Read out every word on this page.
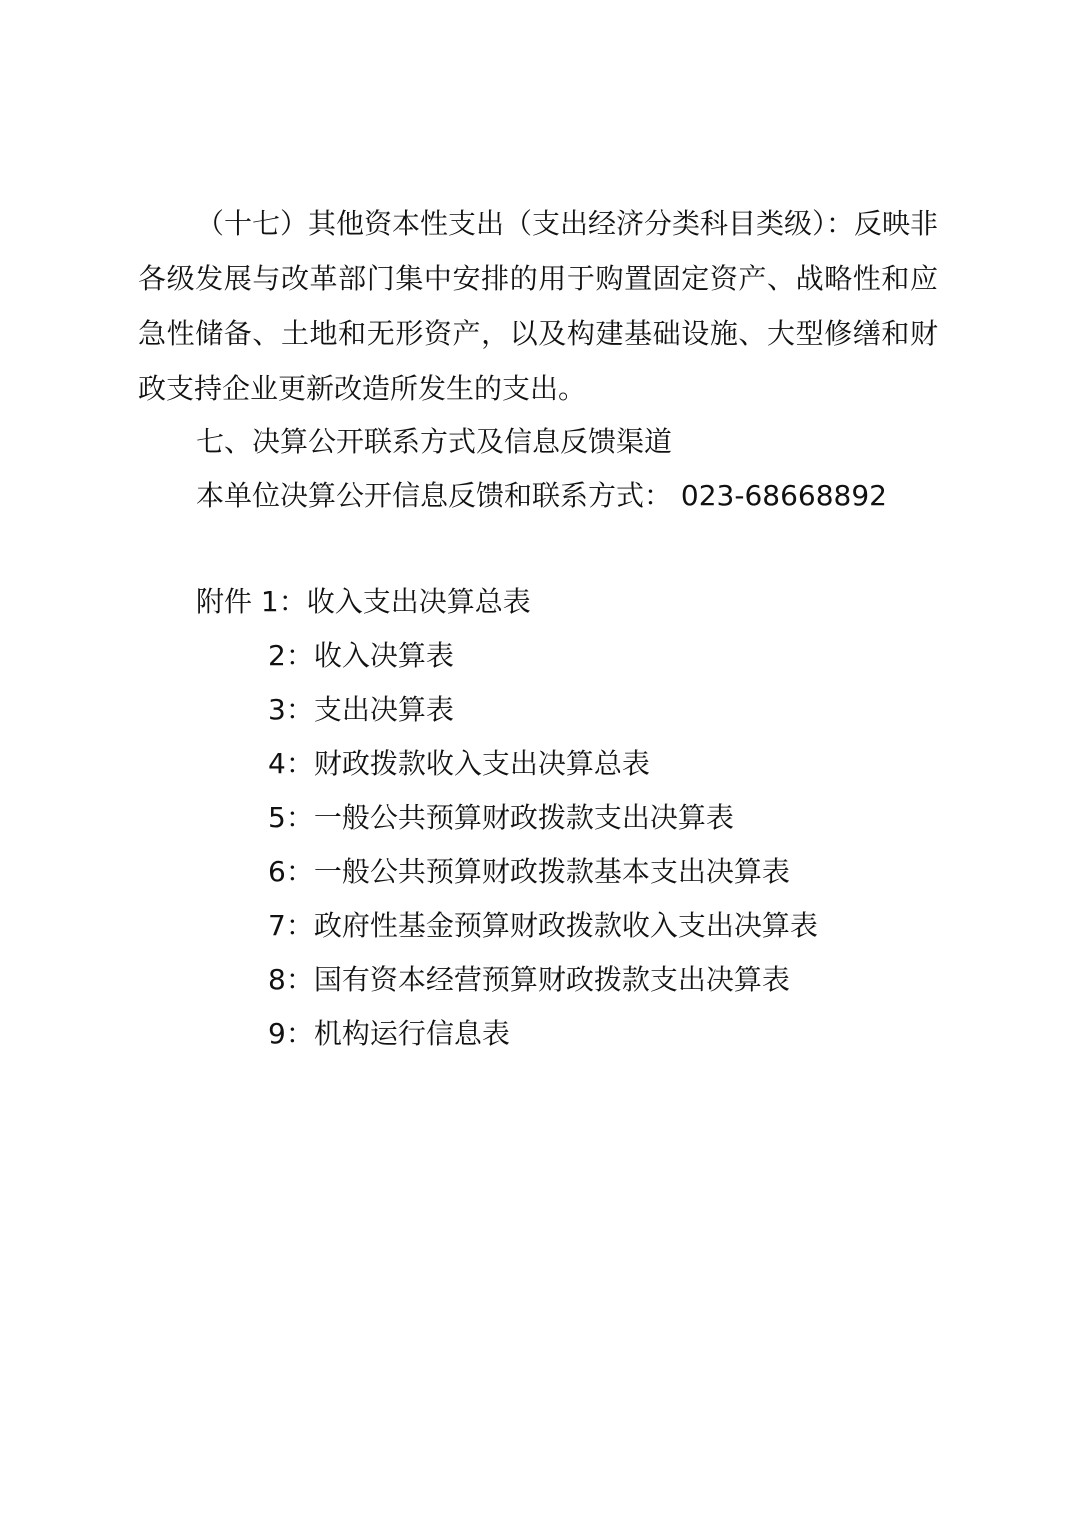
（十七）其他资本性支出（支出经济分类科目类级）：反映非各级发展与改革部门集中安排的用于购置固定资产、战略性和应急性储备、土地和无形资产，以及构建基础设施、大型修缮和财政支持企业更新改造所发生的支出。

七、决算公开联系方式及信息反馈渠道

本单位决算公开信息反馈和联系方式： 023-68668892

附件 1：收入支出决算总表

2：收入决算表

3：支出决算表

4：财政拨款收入支出决算总表

5：一般公共预算财政拨款支出决算表

6：一般公共预算财政拨款基本支出决算表

7：政府性基金预算财政拨款收入支出决算表

8：国有资本经营预算财政拨款支出决算表

9：机构运行信息表
